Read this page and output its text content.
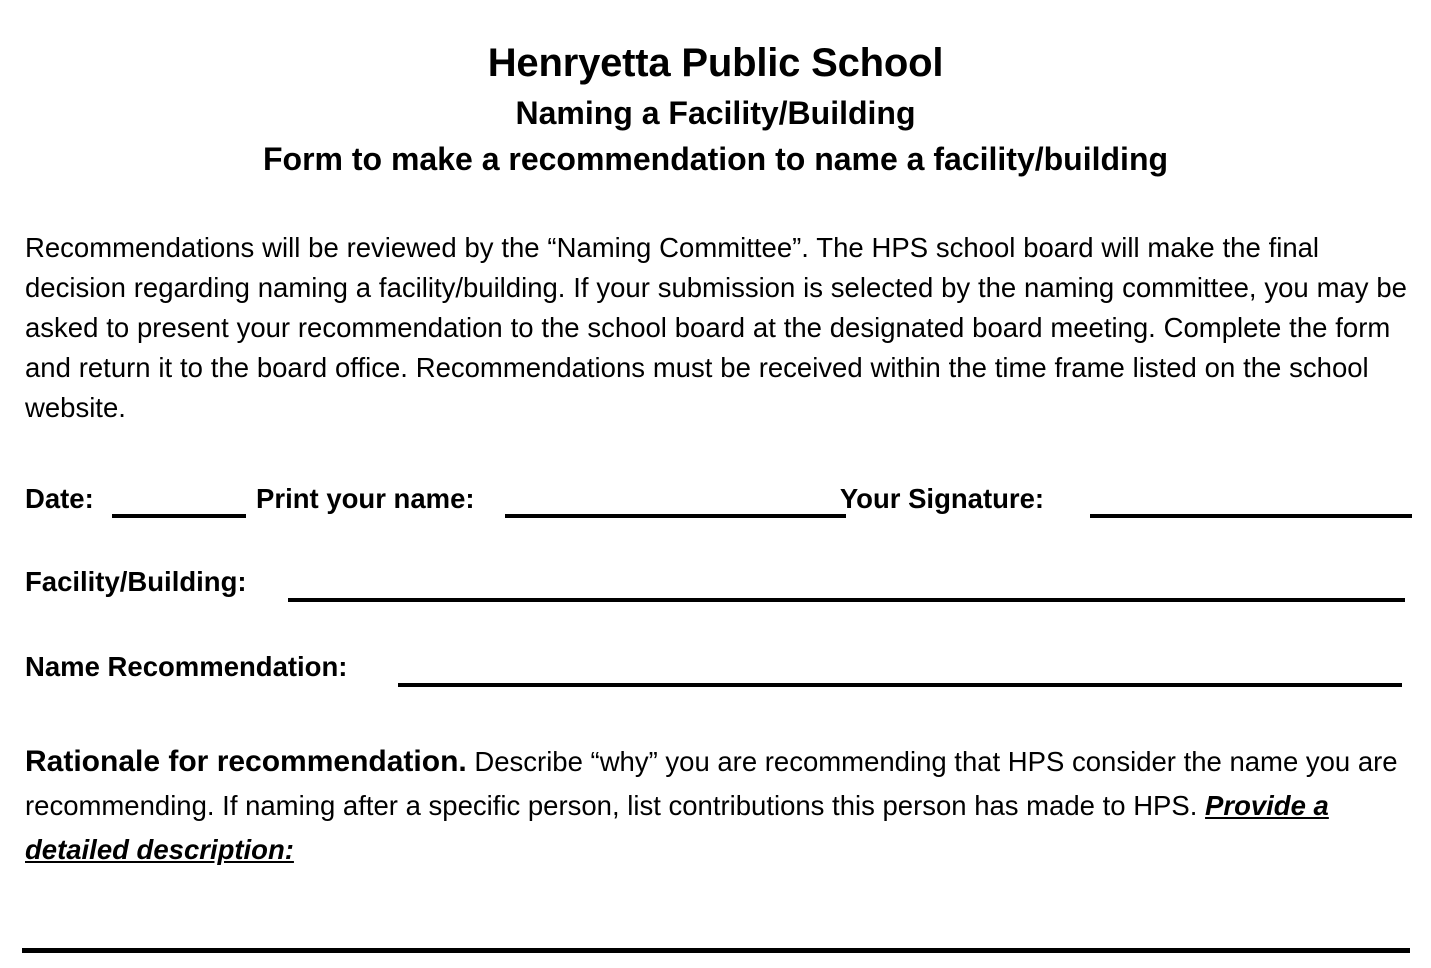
Henryetta Public School
Naming a Facility/Building
Form to make a recommendation to name a facility/building
Recommendations will be reviewed by the “Naming Committee”. The HPS school board will make the final decision regarding naming a facility/building. If your submission is selected by the naming committee, you may be asked to present your recommendation to the school board at the designated board meeting. Complete the form and return it to the board office. Recommendations must be received within the time frame listed on the school website.
Date:	Print your name:	Your Signature:
Facility/Building:
Name Recommendation:
Rationale for recommendation. Describe “why” you are recommending that HPS consider the name you are recommending. If naming after a specific person, list contributions this person has made to HPS. Provide a detailed description:
